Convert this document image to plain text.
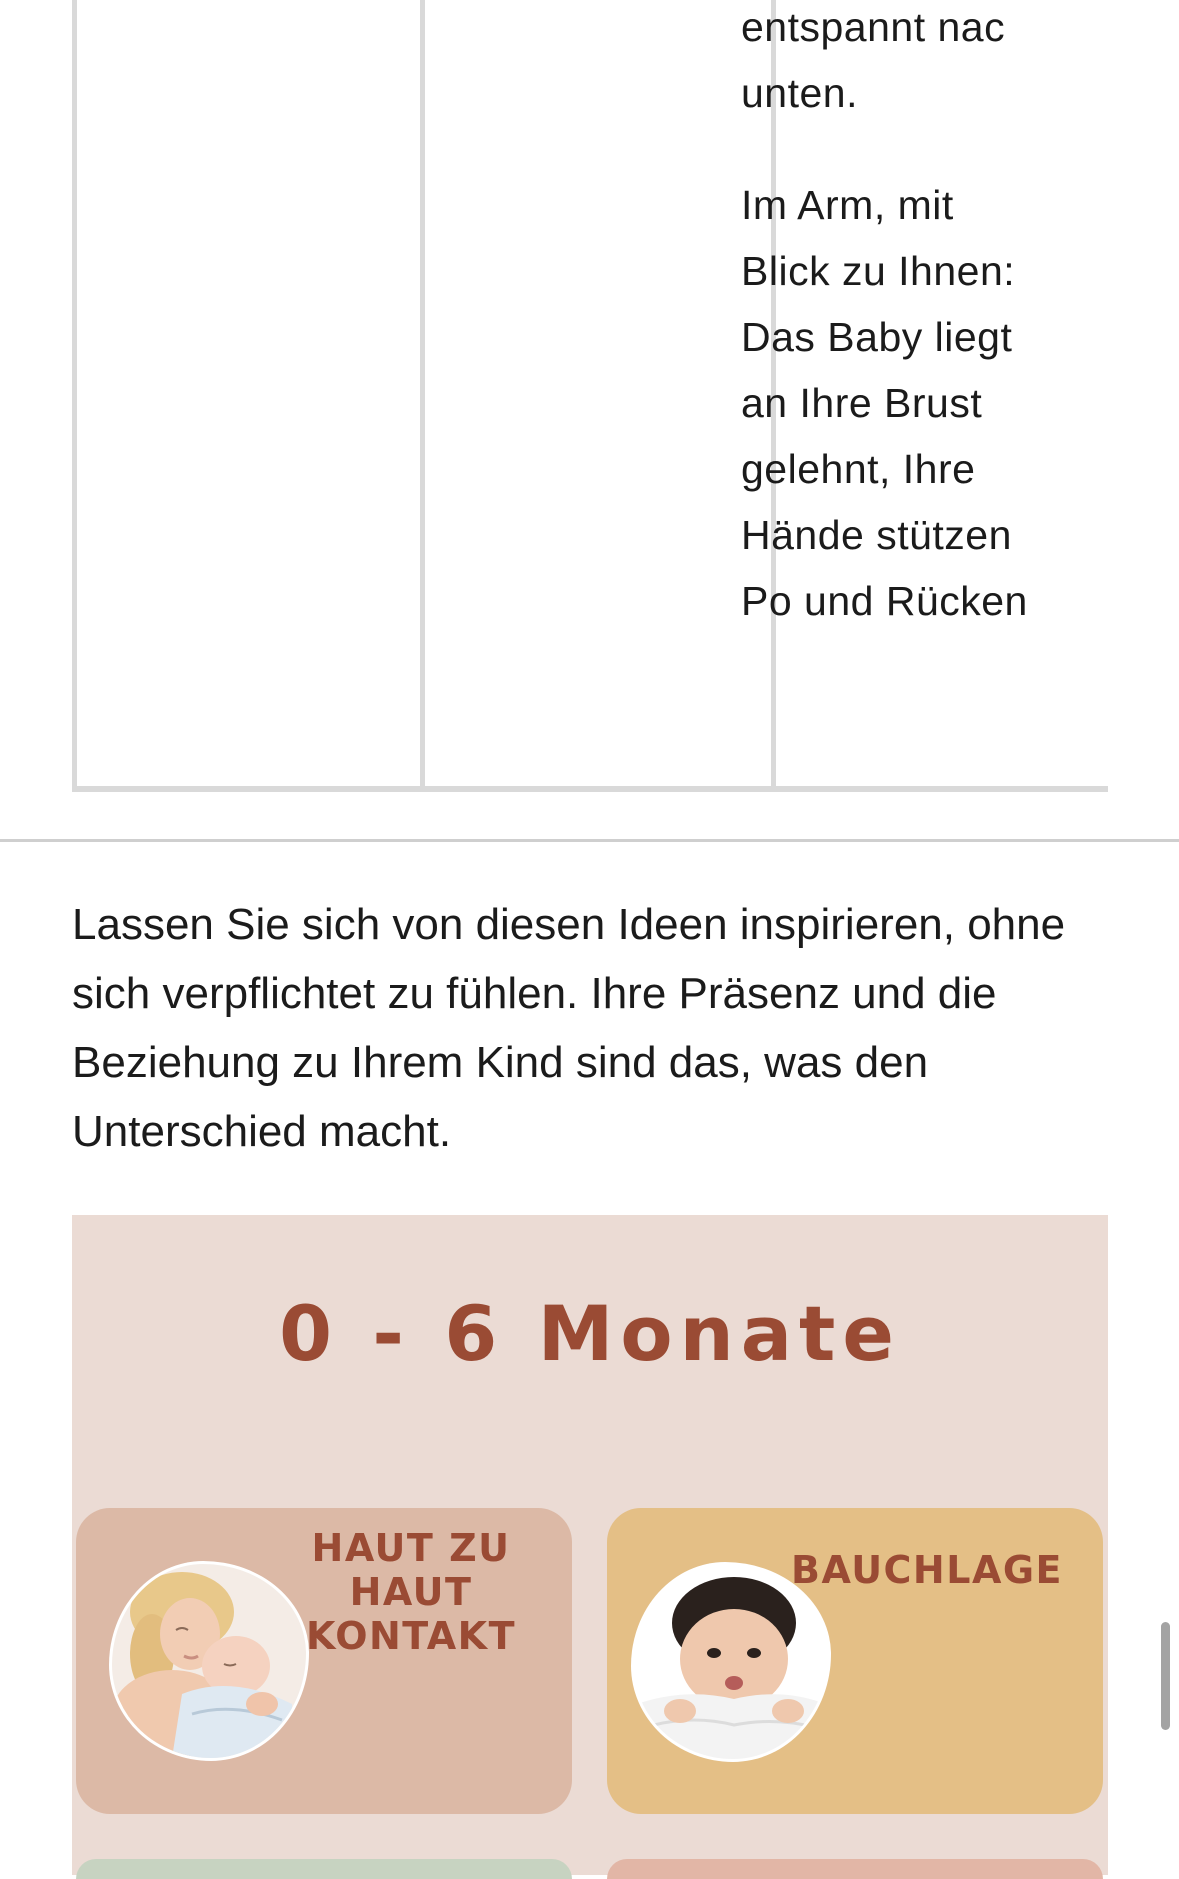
entspannt nac
unten.

Im Arm, mit
Blick zu Ihnen:
Das Baby liegt
an Ihre Brust
gelehnt, Ihre
Hände stützen
Po und Rücken

Lassen Sie sich von diesen Ideen inspirieren, ohne sich verpflichtet zu fühlen. Ihre Präsenz und die Beziehung zu Ihrem Kind sind das, was den Unterschied macht.

0 - 6 Monate
HAUT ZU HAUT KONTAKT
BAUCHLAGE
